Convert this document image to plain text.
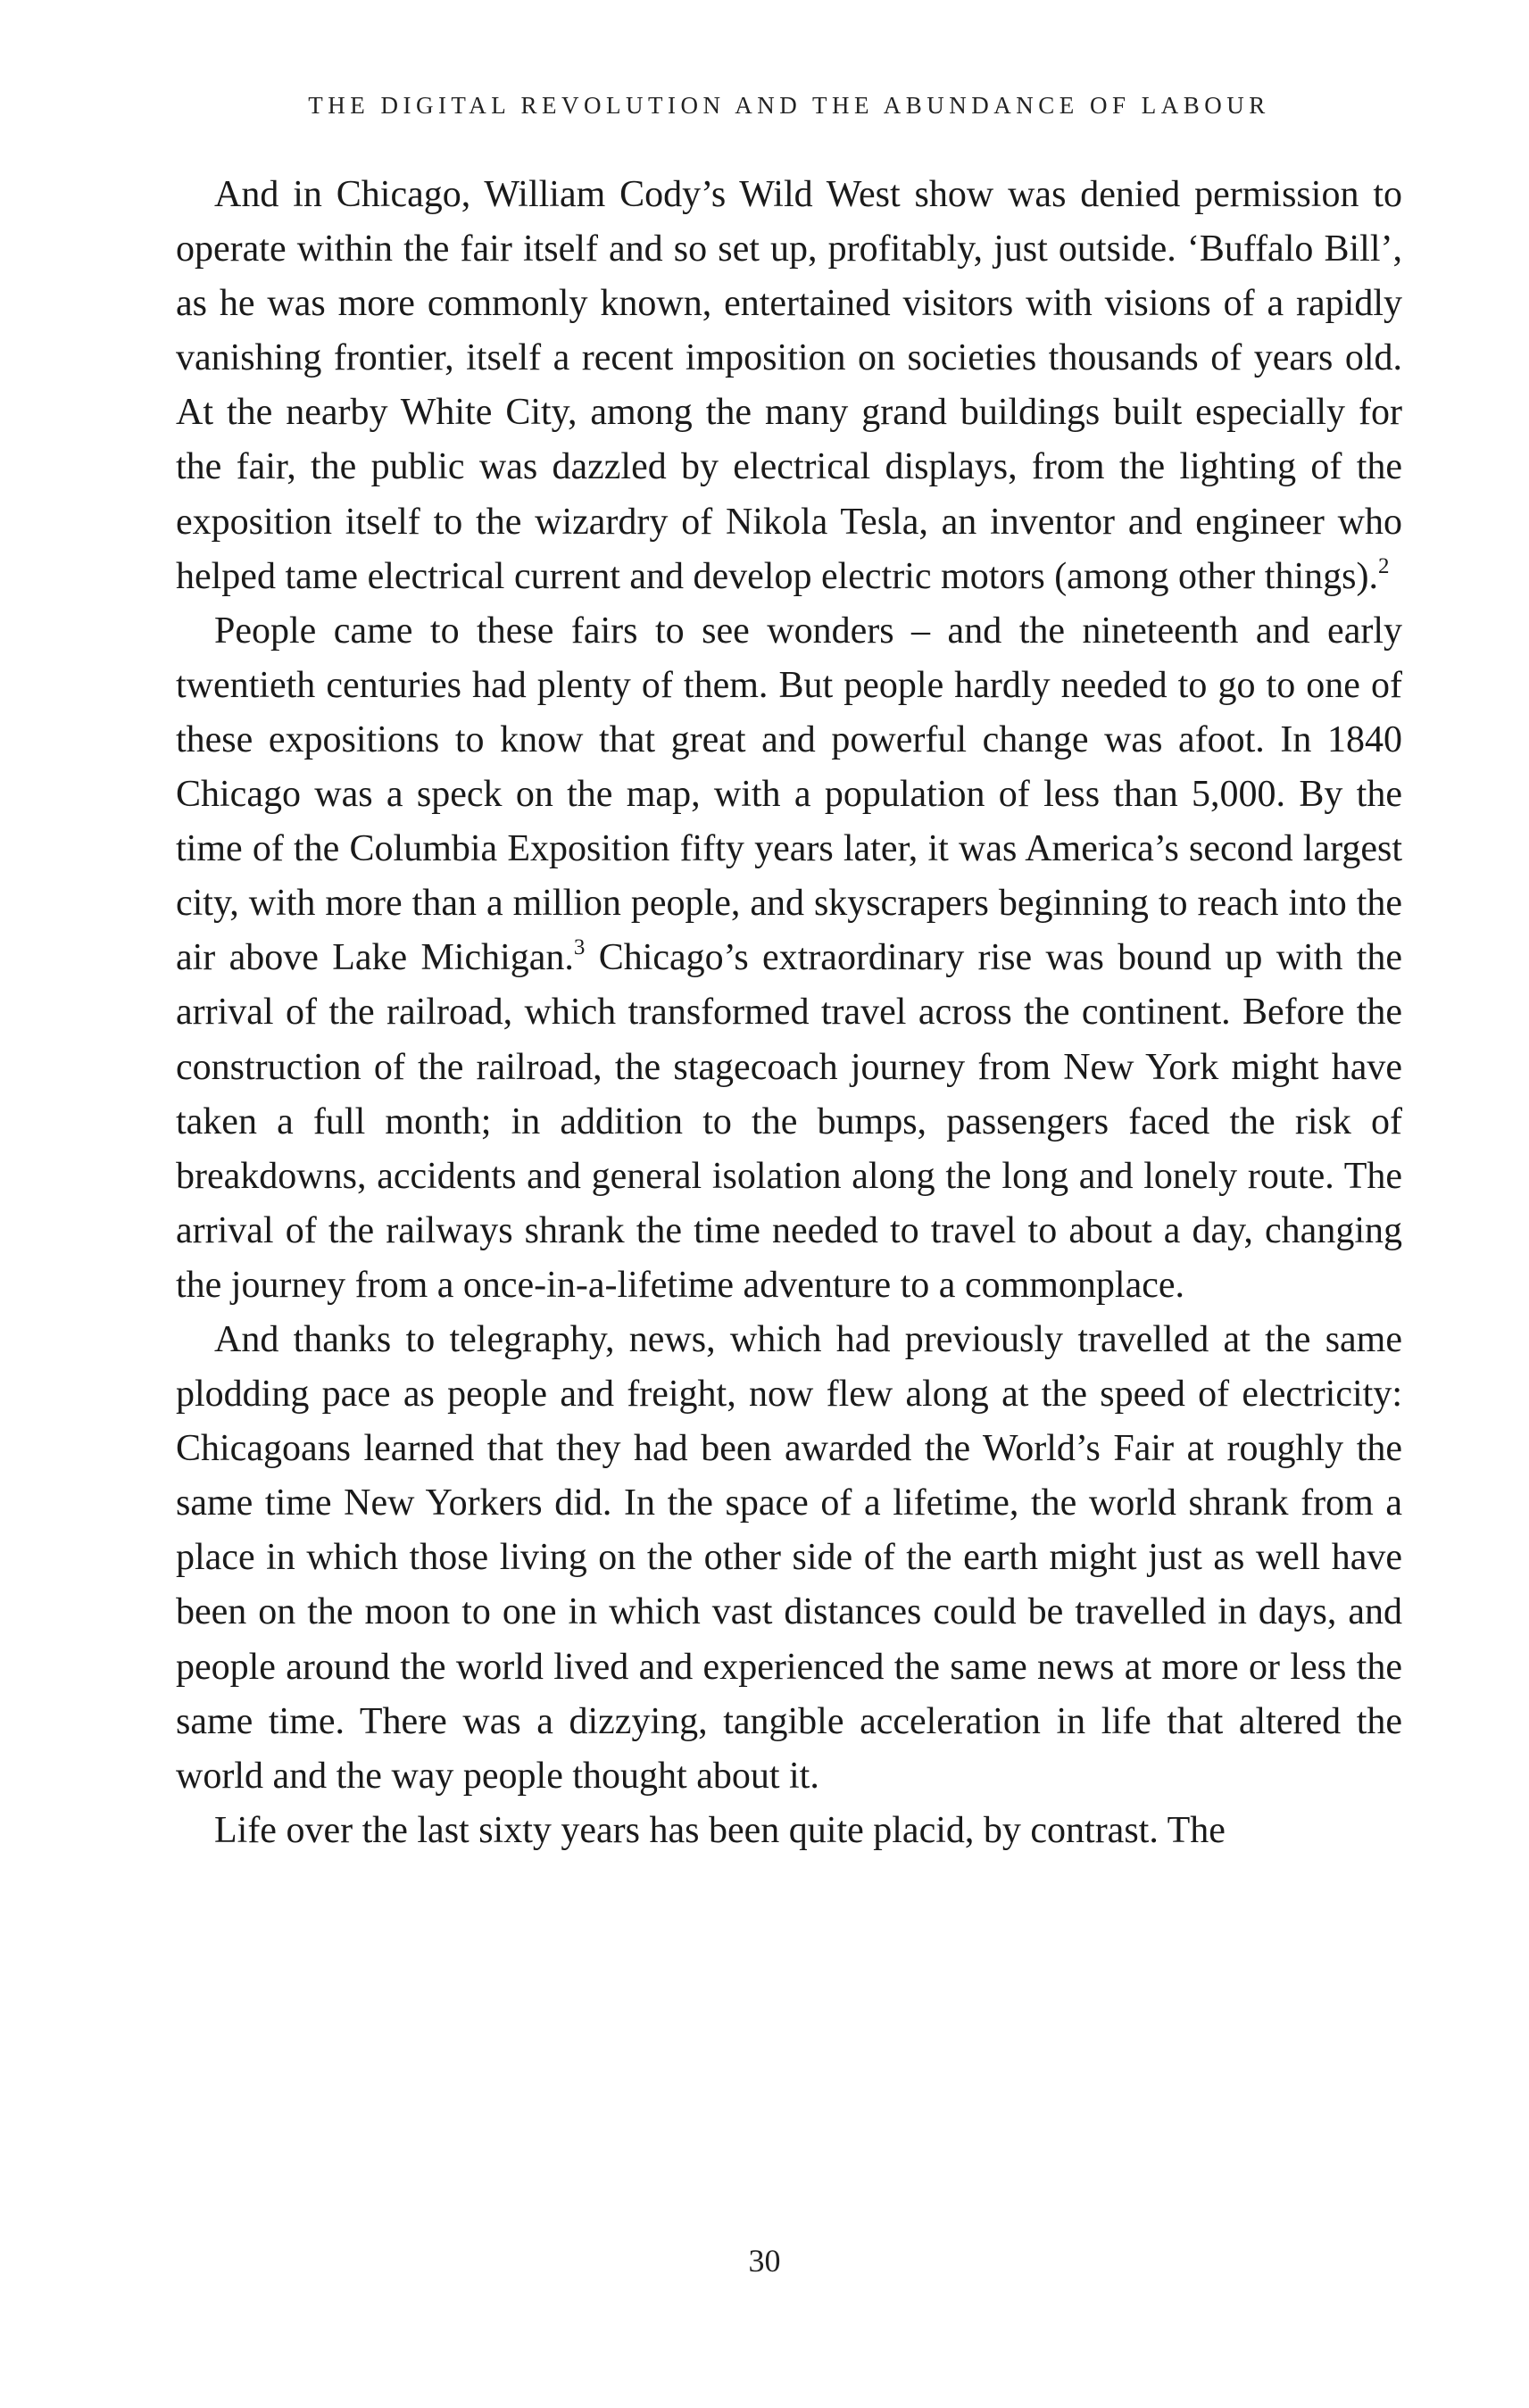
THE DIGITAL REVOLUTION AND THE ABUNDANCE OF LABOUR

And in Chicago, William Cody’s Wild West show was denied permission to operate within the fair itself and so set up, profitably, just outside. ‘Buffalo Bill’, as he was more commonly known, entertained visitors with visions of a rapidly vanishing frontier, itself a recent imposition on societies thousands of years old. At the nearby White City, among the many grand buildings built especially for the fair, the public was dazzled by electrical displays, from the lighting of the exposition itself to the wizardry of Nikola Tesla, an inventor and engineer who helped tame electrical current and develop electric motors (among other things).$^2$

People came to these fairs to see wonders – and the nineteenth and early twentieth centuries had plenty of them. But people hardly needed to go to one of these expositions to know that great and powerful change was afoot. In 1840 Chicago was a speck on the map, with a population of less than 5,000. By the time of the Columbia Exposition fifty years later, it was America’s second largest city, with more than a million people, and skyscrapers beginning to reach into the air above Lake Michigan.$^3$ Chicago’s extraordinary rise was bound up with the arrival of the railroad, which transformed travel across the continent. Before the construction of the railroad, the stagecoach journey from New York might have taken a full month; in addition to the bumps, passengers faced the risk of breakdowns, accidents and general isolation along the long and lonely route. The arrival of the railways shrank the time needed to travel to about a day, changing the journey from a once-in-a-lifetime adventure to a commonplace.

And thanks to telegraphy, news, which had previously travelled at the same plodding pace as people and freight, now flew along at the speed of electricity: Chicagoans learned that they had been awarded the World’s Fair at roughly the same time New Yorkers did. In the space of a lifetime, the world shrank from a place in which those living on the other side of the earth might just as well have been on the moon to one in which vast distances could be travelled in days, and people around the world lived and experienced the same news at more or less the same time. There was a dizzying, tangible acceleration in life that altered the world and the way people thought about it.

Life over the last sixty years has been quite placid, by contrast. The

30
